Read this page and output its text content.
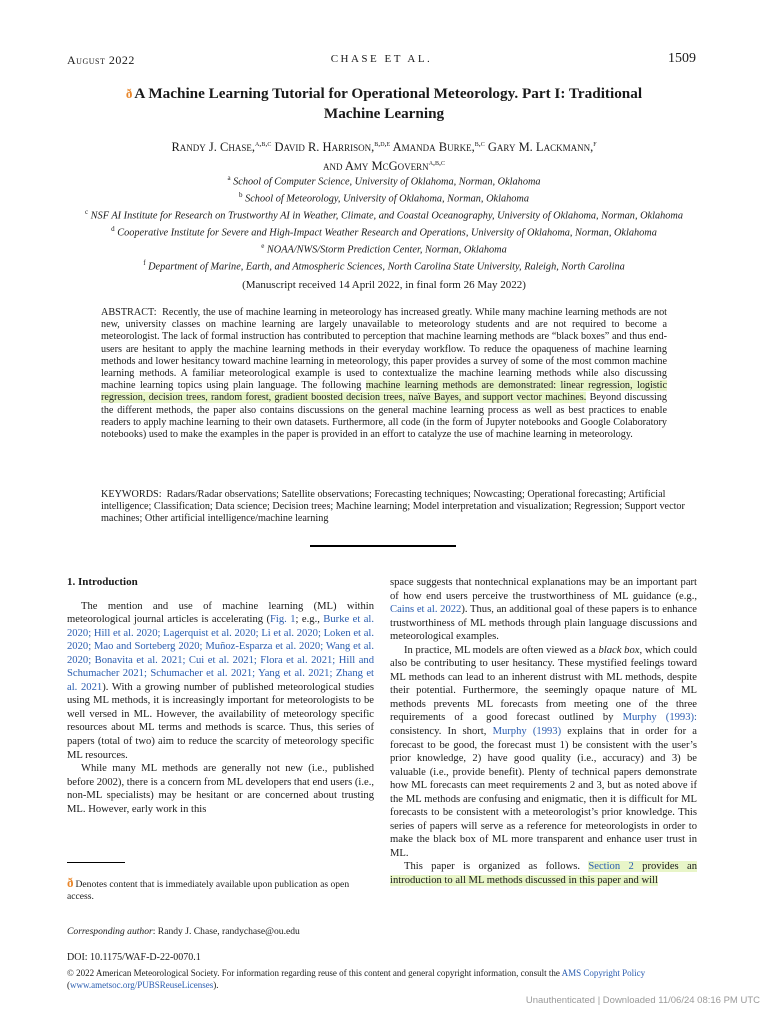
August 2022	CHASE ET AL.	1509
ð A Machine Learning Tutorial for Operational Meteorology. Part I: Traditional Machine Learning
Randy J. Chase,$^{a,b,c}$ David R. Harrison,$^{b,d,e}$ Amanda Burke,$^{b,c}$ Gary M. Lackmann,$^f$
and Amy McGovern$^{a,b,c}$
$^a$ School of Computer Science, University of Oklahoma, Norman, Oklahoma
$^b$ School of Meteorology, University of Oklahoma, Norman, Oklahoma
$^c$ NSF AI Institute for Research on Trustworthy AI in Weather, Climate, and Coastal Oceanography, University of Oklahoma, Norman, Oklahoma
$^d$ Cooperative Institute for Severe and High-Impact Weather Research and Operations, University of Oklahoma, Norman, Oklahoma
$^e$ NOAA/NWS/Storm Prediction Center, Norman, Oklahoma
$^f$ Department of Marine, Earth, and Atmospheric Sciences, North Carolina State University, Raleigh, North Carolina
(Manuscript received 14 April 2022, in final form 26 May 2022)
ABSTRACT: Recently, the use of machine learning in meteorology has increased greatly. While many machine learning methods are not new, university classes on machine learning are largely unavailable to meteorology students and are not required to become a meteorologist. The lack of formal instruction has contributed to perception that machine learning methods are “black boxes” and thus end-users are hesitant to apply the machine learning methods in their everyday workflow. To reduce the opaqueness of machine learning methods and lower hesitancy toward machine learning in meteorology, this paper provides a survey of some of the most common machine learning methods. A familiar meteorological example is used to contextualize the machine learning methods while also discussing machine learning topics using plain language. The following machine learning methods are demonstrated: linear regression, logistic regression, decision trees, random forest, gradient boosted decision trees, naïve Bayes, and support vector machines. Beyond discussing the different methods, the paper also contains discussions on the general machine learning process as well as best practices to enable readers to apply machine learning to their own datasets. Furthermore, all code (in the form of Jupyter notebooks and Google Colaboratory notebooks) used to make the examples in the paper is provided in an effort to catalyze the use of machine learning in meteorology.
KEYWORDS: Radars/Radar observations; Satellite observations; Forecasting techniques; Nowcasting; Operational forecasting; Artificial intelligence; Classification; Data science; Decision trees; Machine learning; Model interpretation and visualization; Regression; Support vector machines; Other artificial intelligence/machine learning
1. Introduction

The mention and use of machine learning (ML) within meteorological journal articles is accelerating (Fig. 1; e.g., Burke et al. 2020; Hill et al. 2020; Lagerquist et al. 2020; Li et al. 2020; Loken et al. 2020; Mao and Sorteberg 2020; Muñoz-Esparza et al. 2020; Wang et al. 2020; Bonavita et al. 2021; Cui et al. 2021; Flora et al. 2021; Hill and Schumacher 2021; Schumacher et al. 2021; Yang et al. 2021; Zhang et al. 2021). With a growing number of published meteorological studies using ML methods, it is increasingly important for meteorologists to be well versed in ML. However, the availability of meteorology specific resources about ML terms and methods is scarce. Thus, this series of papers (total of two) aim to reduce the scarcity of meteorology specific ML resources.

While many ML methods are generally not new (i.e., published before 2002), there is a concern from ML developers that end users (i.e., non-ML specialists) may be hesitant or are concerned about trusting ML. However, early work in this

space suggests that nontechnical explanations may be an important part of how end users perceive the trustworthiness of ML guidance (e.g., Cains et al. 2022). Thus, an additional goal of these papers is to enhance trustworthiness of ML methods through plain language discussions and meteorological examples.

In practice, ML models are often viewed as a black box, which could also be contributing to user hesitancy. These mystified feelings toward ML methods can lead to an inherent distrust with ML methods, despite their potential. Furthermore, the seemingly opaque nature of ML methods prevents ML forecasts from meeting one of the three requirements of a good forecast outlined by Murphy (1993): consistency. In short, Murphy (1993) explains that in order for a forecast to be good, the forecast must 1) be consistent with the user’s prior knowledge, 2) have good quality (i.e., accuracy) and 3) be valuable (i.e., provide benefit). Plenty of technical papers demonstrate how ML forecasts can meet requirements 2 and 3, but as noted above if the ML methods are confusing and enigmatic, then it is difficult for ML forecasts to be consistent with a meteorologist’s prior knowledge. This series of papers will serve as a reference for meteorologists in order to make the black box of ML more transparent and enhance user trust in ML.

This paper is organized as follows. Section 2 provides an introduction to all ML methods discussed in this paper and will

ð Denotes content that is immediately available upon publication as open access.
Corresponding author: Randy J. Chase, randychase@ou.edu
DOI: 10.1175/WAF-D-22-0070.1
© 2022 American Meteorological Society. For information regarding reuse of this content and general copyright information, consult the AMS Copyright Policy (www.ametsoc.org/PUBSReuseLicenses).
Unauthenticated | Downloaded 11/06/24 08:16 PM UTC
